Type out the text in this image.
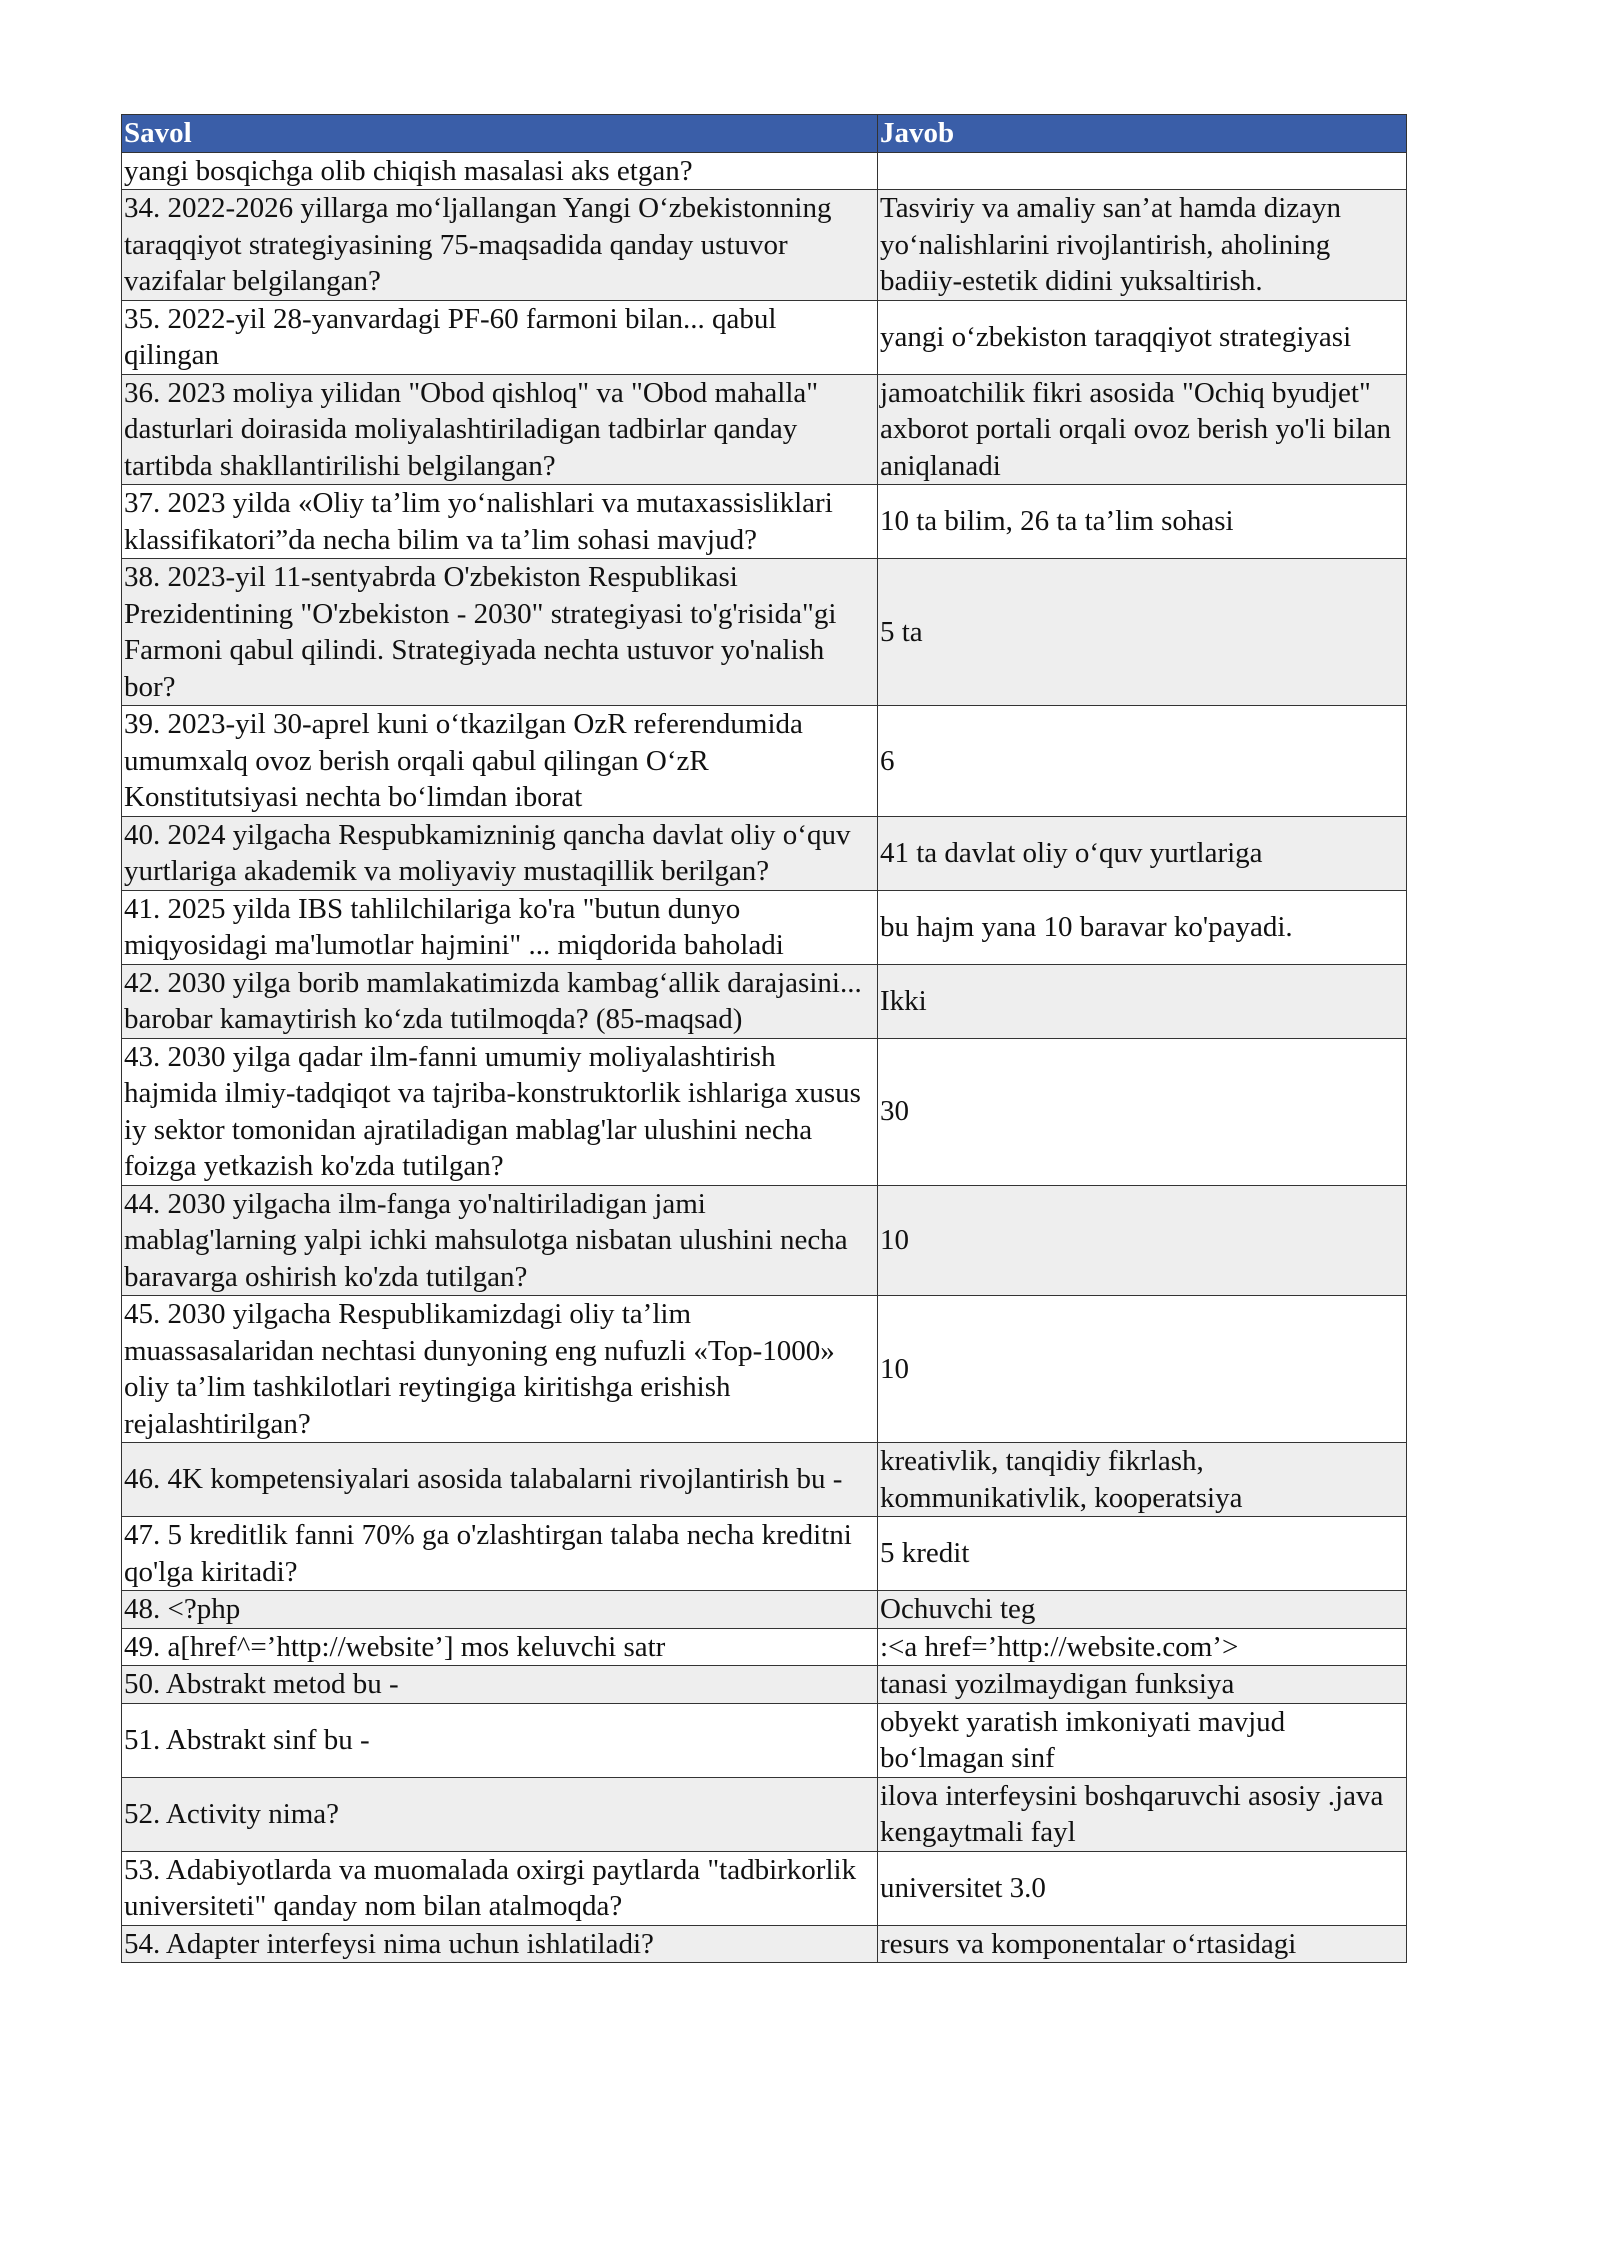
Savol	Javob
yangi bosqichga olib chiqish masalasi aks etgan?	
34. 2022-2026 yillarga moʻljallangan Yangi Oʻzbekistonning taraqqiyot strategiyasining 75-maqsadida qanday ustuvor vazifalar belgilangan?	Tasviriy va amaliy san’at hamda dizayn yoʻnalishlarini rivojlantirish, aholining badiiy-estetik didini yuksaltirish.
35. 2022-yil 28-yanvardagi PF-60 farmoni bilan... qabul qilingan	yangi oʻzbekiston taraqqiyot strategiyasi
36. 2023 moliya yilidan "Obod qishloq" va "Obod mahalla" dasturlari doirasida moliyalashtiriladigan tadbirlar qanday tartibda shakllantirilishi belgilangan?	jamoatchilik fikri asosida "Ochiq byudjet" axborot portali orqali ovoz berish yo'li bilan aniqlanadi
37. 2023 yilda «Oliy ta’lim yoʻnalishlari va mutaxassisliklari klassifikatori”da necha bilim va ta’lim sohasi mavjud?	10 ta bilim, 26 ta ta’lim sohasi
38. 2023-yil 11-sentyabrda O'zbekiston Respublikasi Prezidentining "O'zbekiston - 2030" strategiyasi to'g'risida"gi Farmoni qabul qilindi. Strategiyada nechta ustuvor yo'nalish bor?	5 ta
39. 2023-yil 30-aprel kuni oʻtkazilgan OzR referendumida umumxalq ovoz berish orqali qabul qilingan OʻzR Konstitutsiyasi nechta boʻlimdan iborat	6
40. 2024 yilgacha Respubkamizninig qancha davlat oliy oʻquv yurtlariga akademik va moliyaviy mustaqillik berilgan?	41 ta davlat oliy oʻquv yurtlariga
41. 2025 yilda IBS tahlilchilariga ko'ra "butun dunyo miqyosidagi ma'lumotlar hajmini" ... miqdorida baholadi	bu hajm yana 10 baravar ko'payadi.
42. 2030 yilga borib mamlakatimizda kambagʻallik darajasini... barobar kamaytirish koʻzda tutilmoqda? (85-maqsad)	Ikki
43. 2030 yilga qadar ilm-fanni umumiy moliyalashtirish hajmida ilmiy-tadqiqot va tajriba-konstruktorlik ishlariga xusus iy sektor tomonidan ajratiladigan mablag'lar ulushini necha foizga yetkazish ko'zda tutilgan?	30
44. 2030 yilgacha ilm-fanga yo'naltiriladigan jami mablag'larning yalpi ichki mahsulotga nisbatan ulushini necha baravarga oshirish ko'zda tutilgan?	10
45. 2030 yilgacha Respublikamizdagi oliy ta’lim muassasalaridan nechtasi dunyoning eng nufuzli «Top-1000» oliy ta’lim tashkilotlari reytingiga kiritishga erishish rejalashtirilgan?	10
46. 4K kompetensiyalari asosida talabalarni rivojlantirish bu -	kreativlik, tanqidiy fikrlash, kommunikativlik, kooperatsiya
47. 5 kreditlik fanni 70% ga o'zlashtirgan talaba necha kreditni qo'lga kiritadi?	5 kredit
48. <?php	Ochuvchi teg
49. a[href^=’http://website’] mos keluvchi satr	:<a href=’http://website.com’>
50. Abstrakt metod bu -	tanasi yozilmaydigan funksiya
51. Abstrakt sinf bu -	obyekt yaratish imkoniyati mavjud boʻlmagan sinf
52. Activity nima?	ilova interfeysini boshqaruvchi asosiy .java kengaytmali fayl
53. Adabiyotlarda va muomalada oxirgi paytlarda "tadbirkorlik universiteti" qanday nom bilan atalmoqda?	universitet 3.0
54. Adapter interfeysi nima uchun ishlatiladi?	resurs va komponentalar oʻrtasidagi
